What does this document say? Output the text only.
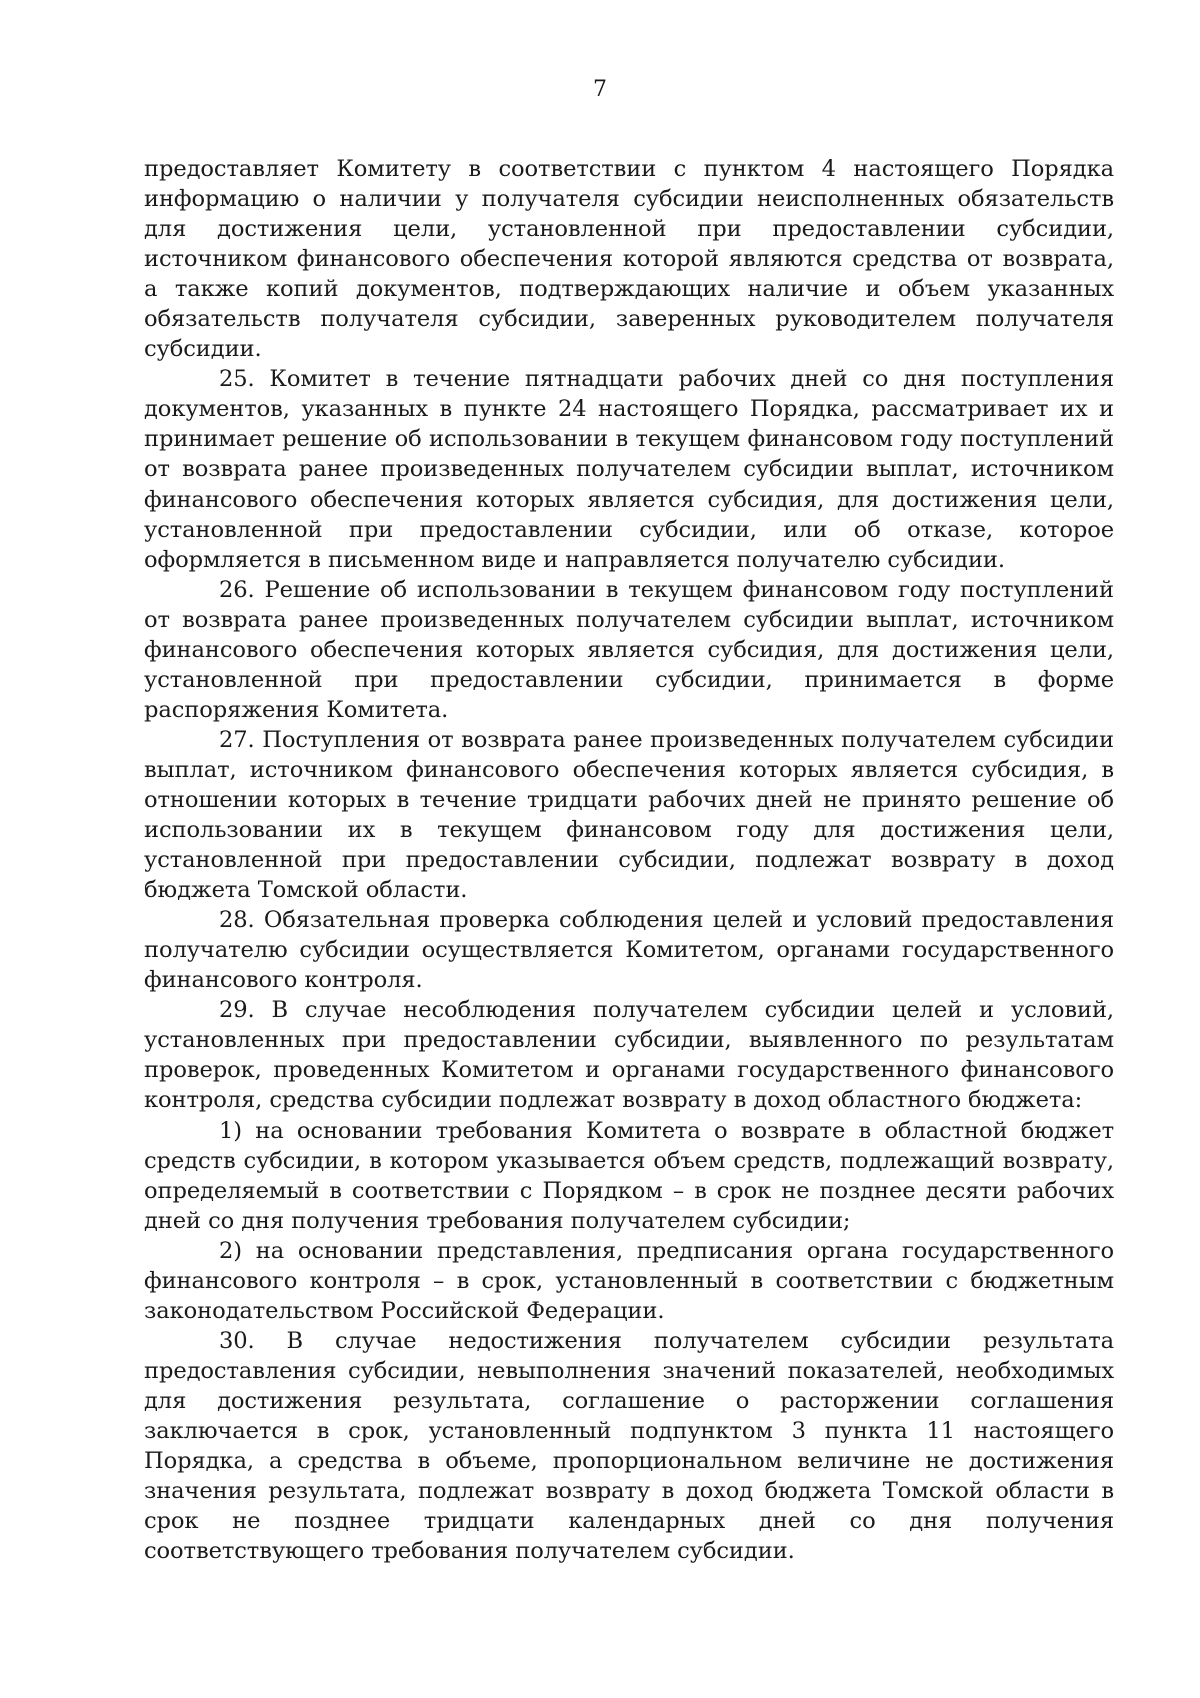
7

предоставляет Комитету в соответствии с пунктом 4 настоящего Порядка информацию о наличии у получателя субсидии неисполненных обязательств для достижения цели, установленной при предоставлении субсидии, источником финансового обеспечения которой являются средства от возврата, а также копий документов, подтверждающих наличие и объем указанных обязательств получателя субсидии, заверенных руководителем получателя субсидии.

25. Комитет в течение пятнадцати рабочих дней со дня поступления документов, указанных в пункте 24 настоящего Порядка, рассматривает их и принимает решение об использовании в текущем финансовом году поступлений от возврата ранее произведенных получателем субсидии выплат, источником финансового обеспечения которых является субсидия, для достижения цели, установленной при предоставлении субсидии, или об отказе, которое оформляется в письменном виде и направляется получателю субсидии.

26. Решение об использовании в текущем финансовом году поступлений от возврата ранее произведенных получателем субсидии выплат, источником финансового обеспечения которых является субсидия, для достижения цели, установленной при предоставлении субсидии, принимается в форме распоряжения Комитета.

27. Поступления от возврата ранее произведенных получателем субсидии выплат, источником финансового обеспечения которых является субсидия, в отношении которых в течение тридцати рабочих дней не принято решение об использовании их в текущем финансовом году для достижения цели, установленной при предоставлении субсидии, подлежат возврату в доход бюджета Томской области.

28. Обязательная проверка соблюдения целей и условий предоставления получателю субсидии осуществляется Комитетом, органами государственного финансового контроля.

29. В случае несоблюдения получателем субсидии целей и условий, установленных при предоставлении субсидии, выявленного по результатам проверок, проведенных Комитетом и органами государственного финансового контроля, средства субсидии подлежат возврату в доход областного бюджета:

1) на основании требования Комитета о возврате в областной бюджет средств субсидии, в котором указывается объем средств, подлежащий возврату, определяемый в соответствии с Порядком – в срок не позднее десяти рабочих дней со дня получения требования получателем субсидии;

2) на основании представления, предписания органа государственного финансового контроля – в срок, установленный в соответствии с бюджетным законодательством Российской Федерации.

30. В случае недостижения получателем субсидии результата предоставления субсидии, невыполнения значений показателей, необходимых для достижения результата, соглашение о расторжении соглашения заключается в срок, установленный подпунктом 3 пункта 11 настоящего Порядка, а средства в объеме, пропорциональном величине не достижения значения результата, подлежат возврату в доход бюджета Томской области в срок не позднее тридцати календарных дней со дня получения соответствующего требования получателем субсидии.
